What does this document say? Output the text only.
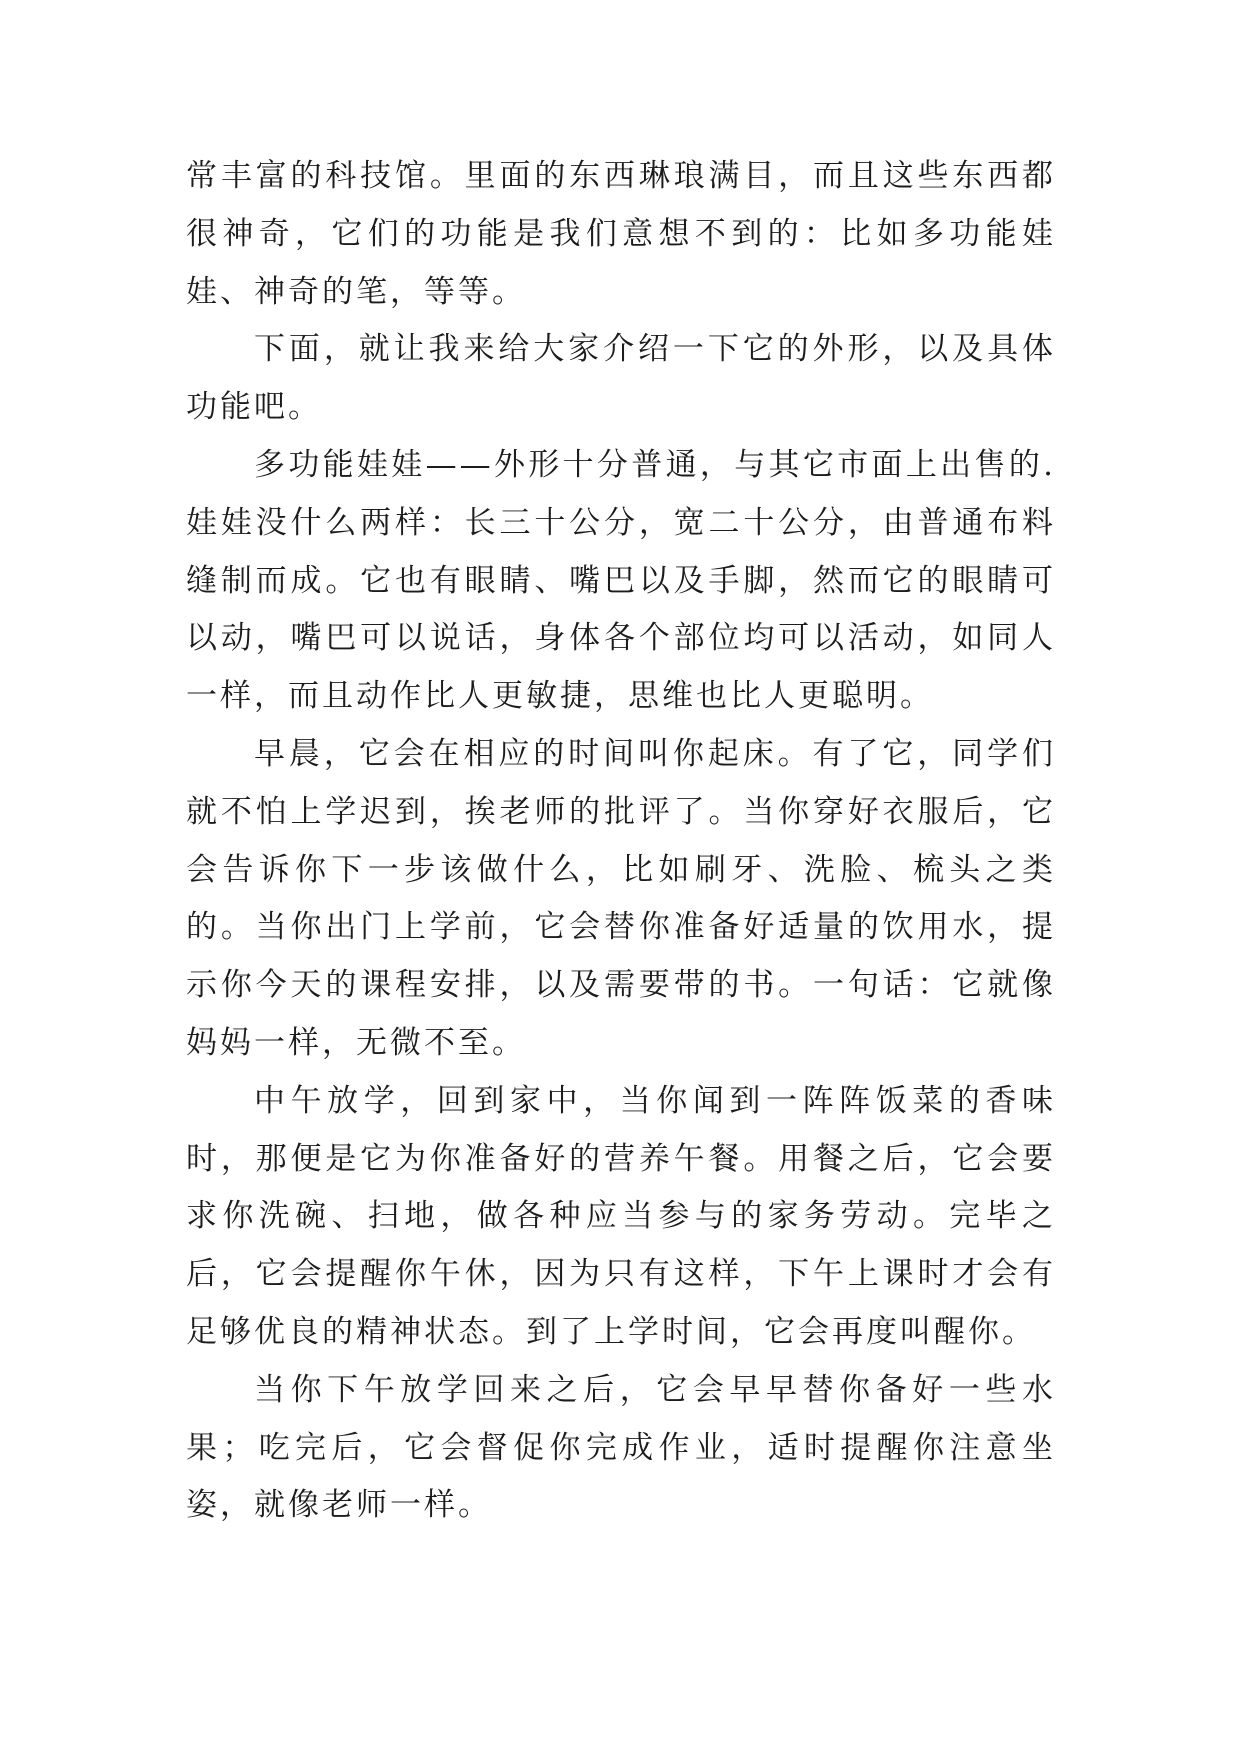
常丰富的科技馆。里面的东西琳琅满目，而且这些东西都很神奇，它们的功能是我们意想不到的：比如多功能娃娃、神奇的笔，等等。

下面，就让我来给大家介绍一下它的外形，以及具体功能吧。

多功能娃娃——外形十分普通，与其它市面上出售的.娃娃没什么两样：长三十公分，宽二十公分，由普通布料缝制而成。它也有眼睛、嘴巴以及手脚，然而它的眼睛可以动，嘴巴可以说话，身体各个部位均可以活动，如同人一样，而且动作比人更敏捷，思维也比人更聪明。

早晨，它会在相应的时间叫你起床。有了它，同学们就不怕上学迟到，挨老师的批评了。当你穿好衣服后，它会告诉你下一步该做什么，比如刷牙、洗脸、梳头之类的。当你出门上学前，它会替你准备好适量的饮用水，提示你今天的课程安排，以及需要带的书。一句话：它就像妈妈一样，无微不至。

中午放学，回到家中，当你闻到一阵阵饭菜的香味时，那便是它为你准备好的营养午餐。用餐之后，它会要求你洗碗、扫地，做各种应当参与的家务劳动。完毕之后，它会提醒你午休，因为只有这样，下午上课时才会有足够优良的精神状态。到了上学时间，它会再度叫醒你。

当你下午放学回来之后，它会早早替你备好一些水果；吃完后，它会督促你完成作业，适时提醒你注意坐姿，就像老师一样。
